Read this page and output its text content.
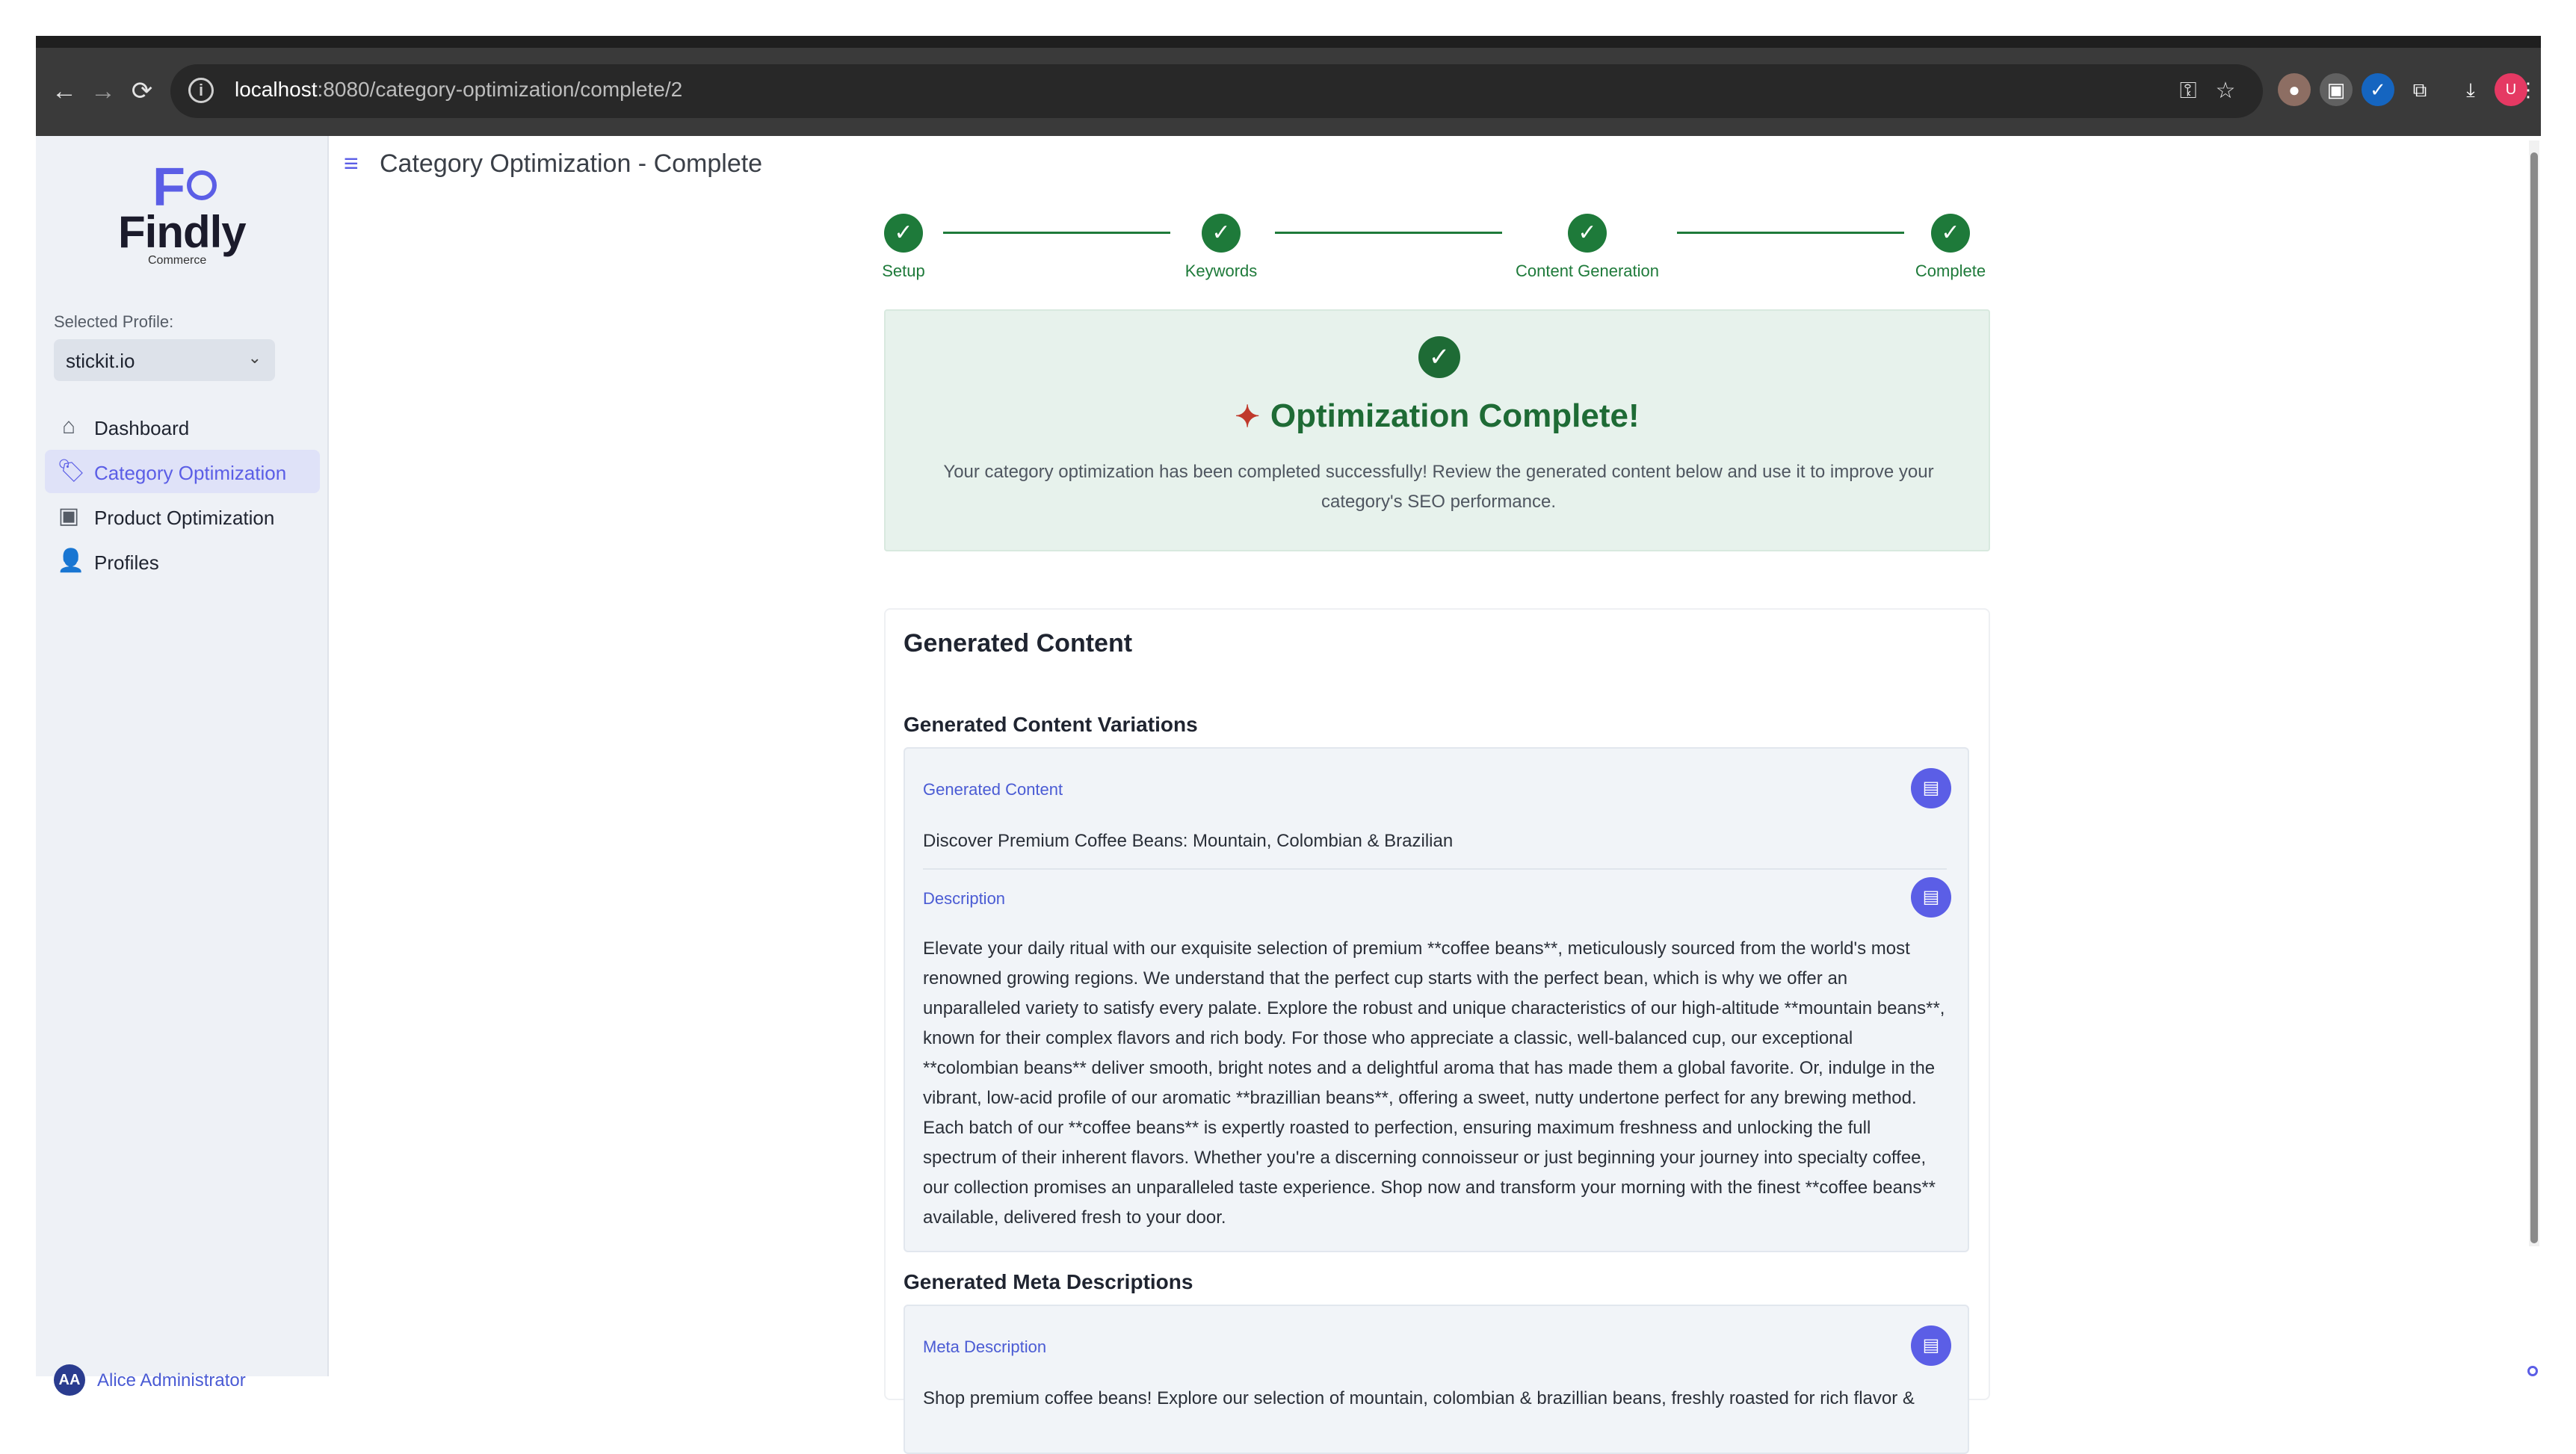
← → ⟳	i	localhost:8080/category-optimization/complete/2	⚿ ☆	●	▣	✓	⧉	⤓	U ⋮
F
Findly
Commerce
Selected Profile:
stickit.io	⌄
⌂ Dashboard
🏷 Category Optimization
▣ Product Optimization
👤 Profiles
AA Alice Administrator
≡ Category Optimization - Complete
✓
Setup
✓
Keywords
✓
Content Generation
✓
Complete
✓
✦ Optimization Complete!
Your category optimization has been completed successfully! Review the generated content below and use it to improve your category's SEO performance.
Generated Content
Generated Content Variations
Generated Content	▤
Discover Premium Coffee Beans: Mountain, Colombian & Brazilian
Description	▤
Elevate your daily ritual with our exquisite selection of premium **coffee beans**, meticulously sourced from the world's most renowned growing regions. We understand that the perfect cup starts with the perfect bean, which is why we offer an unparalleled variety to satisfy every palate. Explore the robust and unique characteristics of our high-altitude **mountain beans**, known for their complex flavors and rich body. For those who appreciate a classic, well-balanced cup, our exceptional **colombian beans** deliver smooth, bright notes and a delightful aroma that has made them a global favorite. Or, indulge in the vibrant, low-acid profile of our aromatic **brazillian beans**, offering a sweet, nutty undertone perfect for any brewing method. Each batch of our **coffee beans** is expertly roasted to perfection, ensuring maximum freshness and unlocking the full spectrum of their inherent flavors. Whether you're a discerning connoisseur or just beginning your journey into specialty coffee, our collection promises an unparalleled taste experience. Shop now and transform your morning with the finest **coffee beans** available, delivered fresh to your door.
Generated Meta Descriptions
Meta Description	▤
Shop premium coffee beans! Explore our selection of mountain, colombian & brazillian beans, freshly roasted for rich flavor &
